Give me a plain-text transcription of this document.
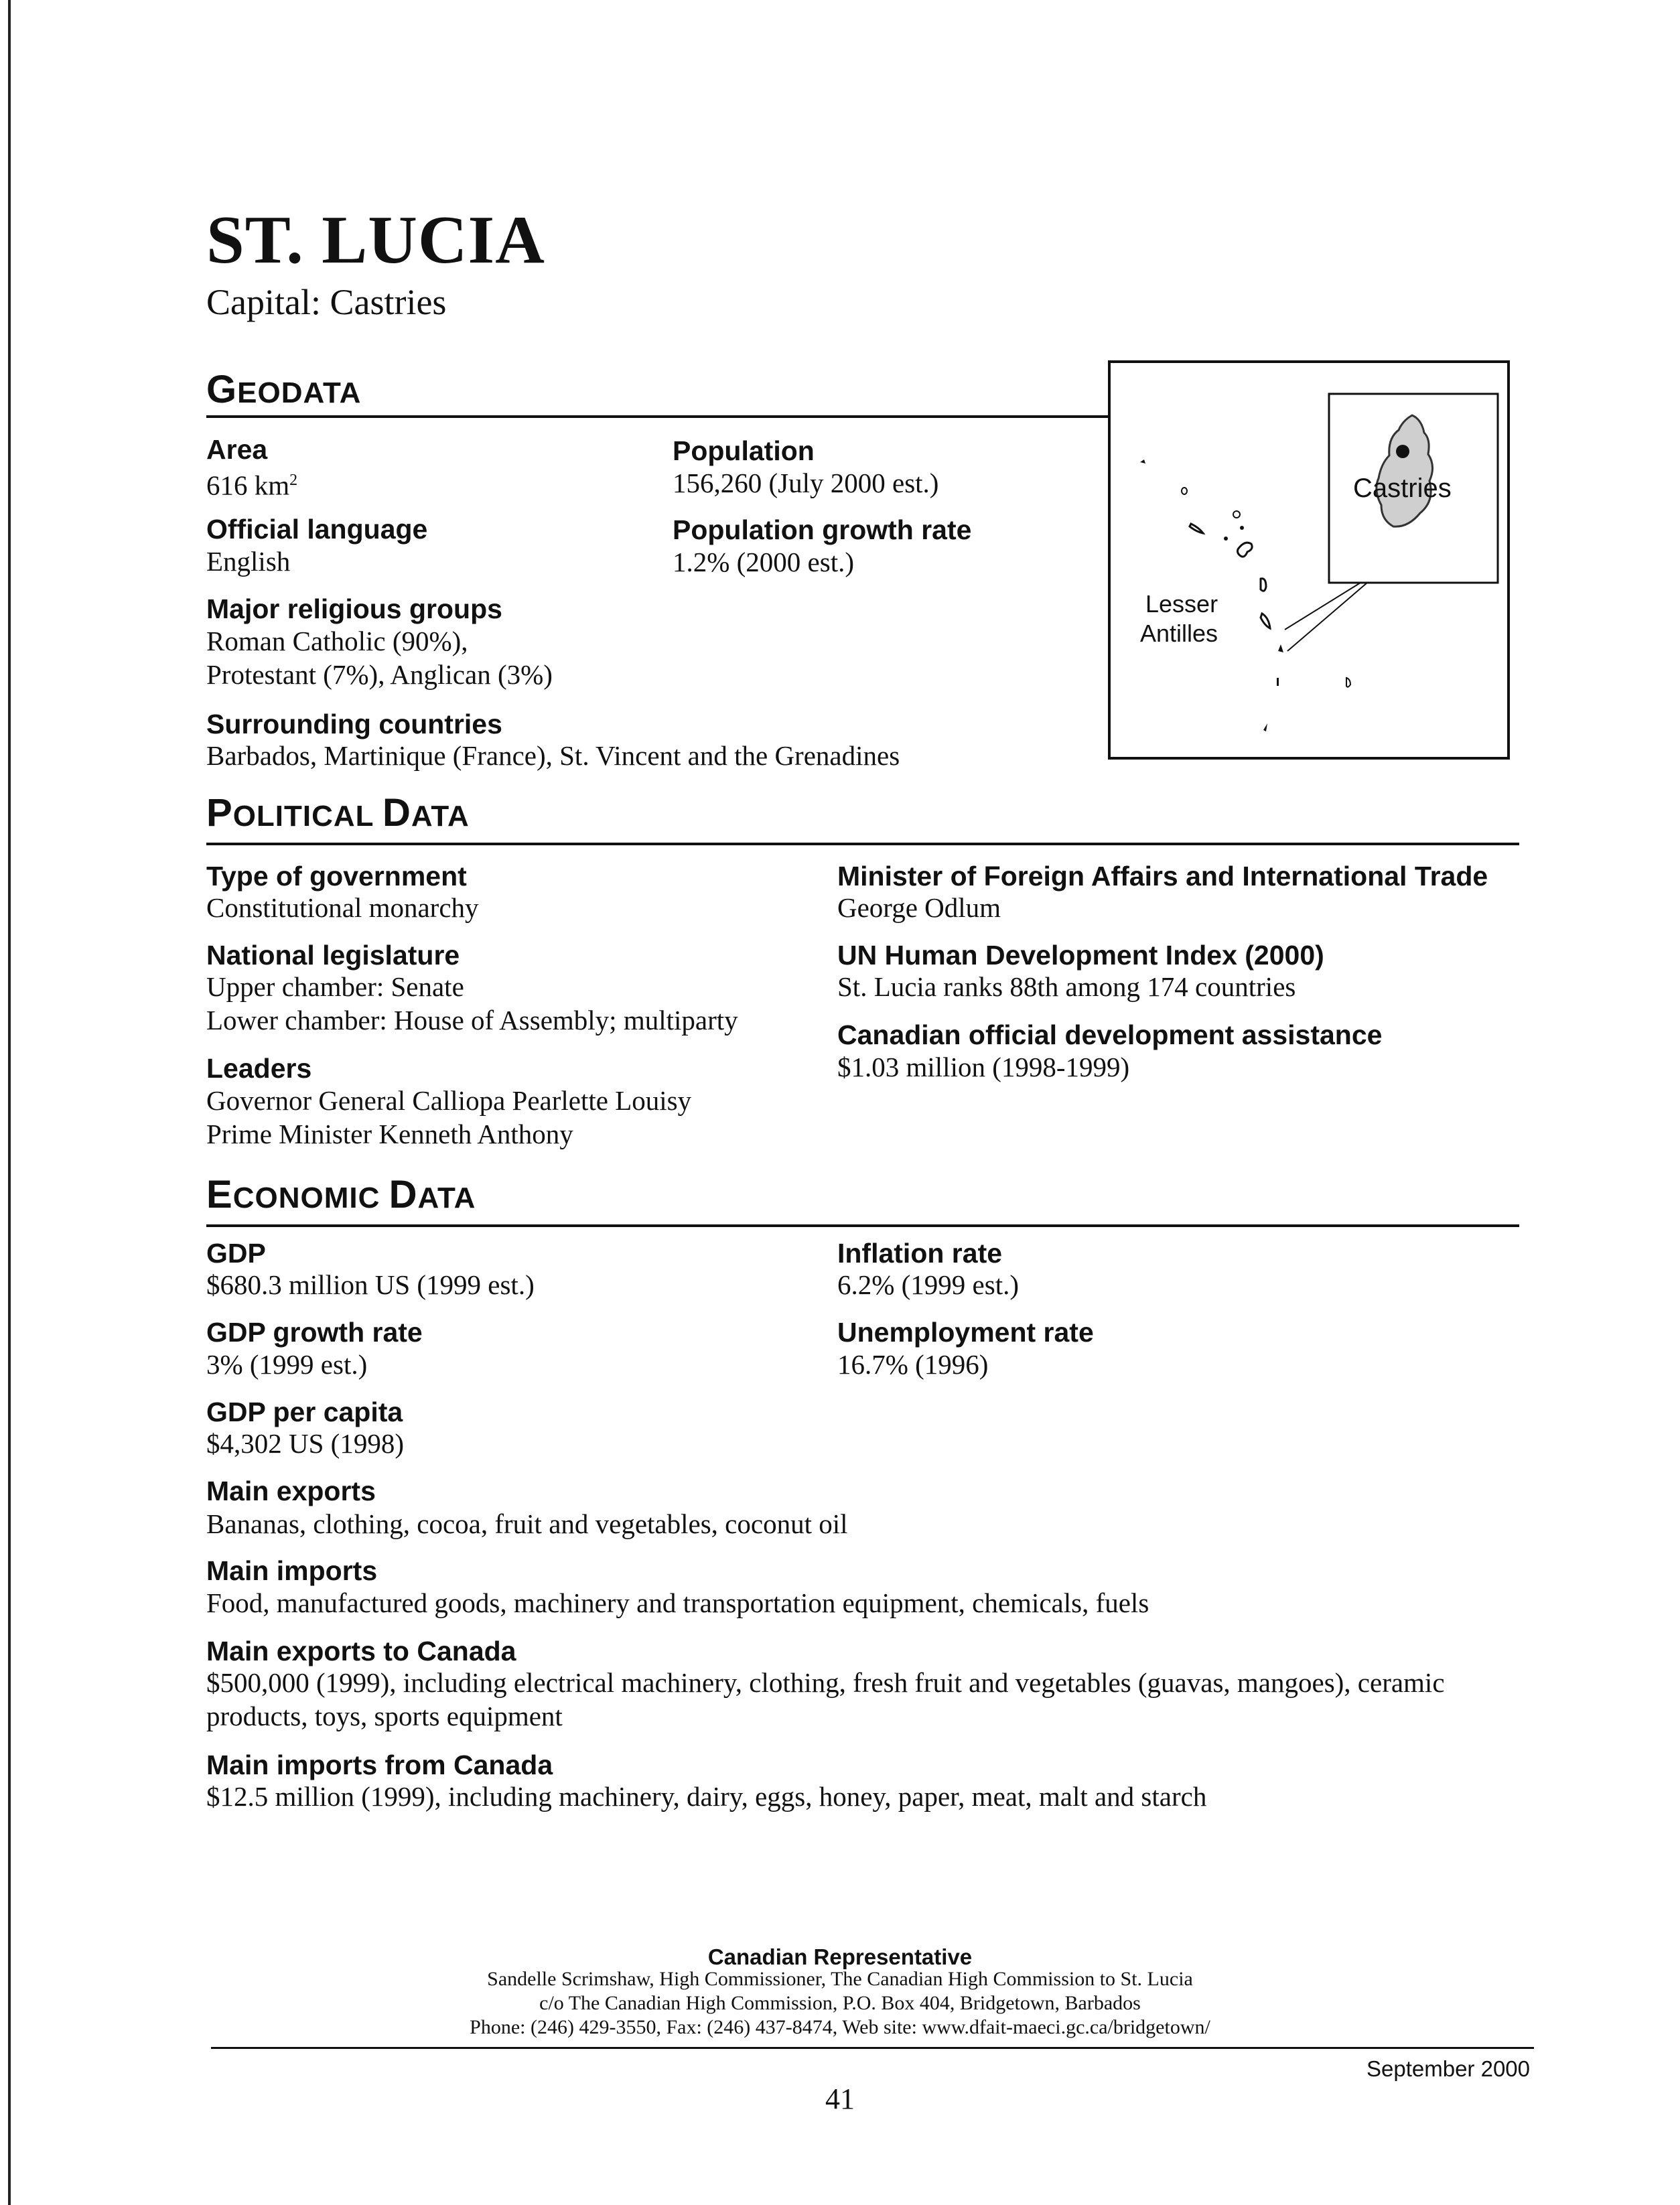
ST. LUCIA
Capital: Castries
GEODATA
Area
616 $km^2$
Official language
English
Major religious groups
Roman Catholic (90%),
Protestant (7%), Anglican (3%)
Population
156,260 (July 2000 est.)
Population growth rate
1.2% (2000 est.)
Surrounding countries
Barbados, Martinique (France), St. Vincent and the Grenadines
Castries
Lesser
Antilles
POLITICAL DATA
Type of government
Constitutional monarchy
National legislature
Upper chamber: Senate
Lower chamber: House of Assembly; multiparty
Leaders
Governor General Calliopa Pearlette Louisy
Prime Minister Kenneth Anthony
Minister of Foreign Affairs and International Trade
George Odlum
UN Human Development Index (2000)
St. Lucia ranks 88th among 174 countries
Canadian official development assistance
$1.03 million (1998-1999)
ECONOMIC DATA
GDP
$680.3 million US (1999 est.)
GDP growth rate
3% (1999 est.)
GDP per capita
$4,302 US (1998)
Inflation rate
6.2% (1999 est.)
Unemployment rate
16.7% (1996)
Main exports
Bananas, clothing, cocoa, fruit and vegetables, coconut oil
Main imports
Food, manufactured goods, machinery and transportation equipment, chemicals, fuels
Main exports to Canada
$500,000 (1999), including electrical machinery, clothing, fresh fruit and vegetables (guavas, mangoes), ceramic
products, toys, sports equipment
Main imports from Canada
$12.5 million (1999), including machinery, dairy, eggs, honey, paper, meat, malt and starch
Canadian Representative
Sandelle Scrimshaw, High Commissioner, The Canadian High Commission to St. Lucia
c/o The Canadian High Commission, P.O. Box 404, Bridgetown, Barbados
Phone: (246) 429-3550, Fax: (246) 437-8474, Web site: www.dfait-maeci.gc.ca/bridgetown/
September 2000
41
